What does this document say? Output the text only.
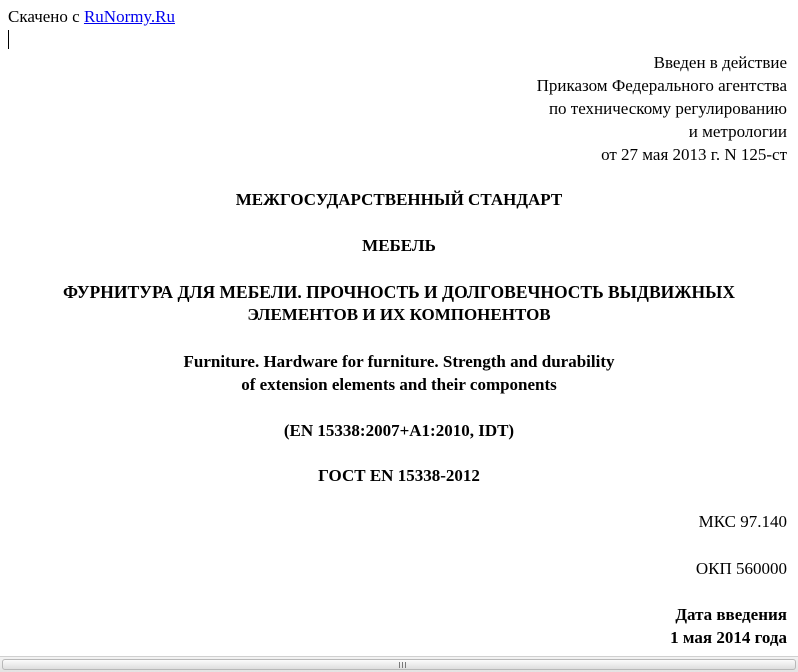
Скачено с RuNormy.Ru
Введен в действие
Приказом Федерального агентства
по техническому регулированию
и метрологии
от 27 мая 2013 г. N 125-ст
МЕЖГОСУДАРСТВЕННЫЙ СТАНДАРТ
МЕБЕЛЬ
ФУРНИТУРА ДЛЯ МЕБЕЛИ. ПРОЧНОСТЬ И ДОЛГОВЕЧНОСТЬ ВЫДВИЖНЫХ
ЭЛЕМЕНТОВ И ИХ КОМПОНЕНТОВ
Furniture. Hardware for furniture. Strength and durability
of extension elements and their components
(EN 15338:2007+A1:2010, IDT)
ГОСТ EN 15338-2012
МКС 97.140
ОКП 560000
Дата введения
1 мая 2014 года
